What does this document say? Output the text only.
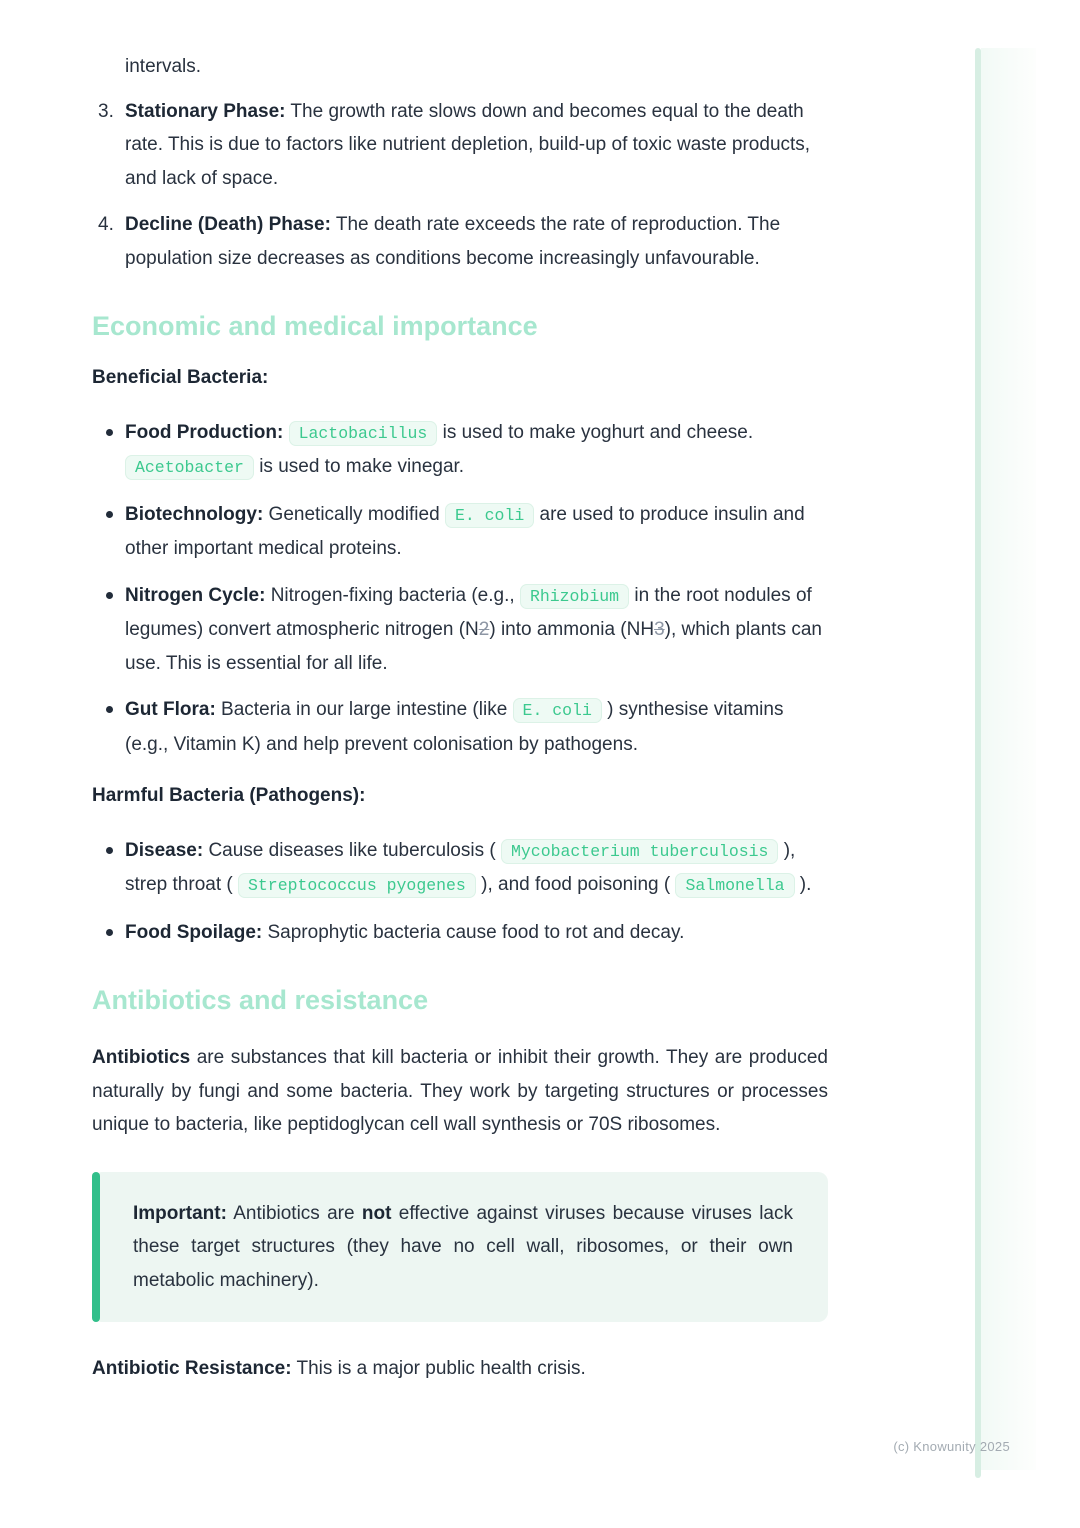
intervals.

3. Stationary Phase: The growth rate slows down and becomes equal to the death rate. This is due to factors like nutrient depletion, build-up of toxic waste products, and lack of space.
4. Decline (Death) Phase: The death rate exceeds the rate of reproduction. The population size decreases as conditions become increasingly unfavourable.
Economic and medical importance

Beneficial Bacteria:

Food Production: Lactobacillus is used to make yoghurt and cheese. Acetobacter is used to make vinegar.
Biotechnology: Genetically modified E. coli are used to produce insulin and other important medical proteins.
Nitrogen Cycle: Nitrogen-fixing bacteria (e.g., Rhizobium in the root nodules of legumes) convert atmospheric nitrogen (N2) into ammonia (NH3), which plants can use. This is essential for all life.
Gut Flora: Bacteria in our large intestine (like E. coli ) synthesise vitamins (e.g., Vitamin K) and help prevent colonisation by pathogens.

Harmful Bacteria (Pathogens):

Disease: Cause diseases like tuberculosis ( Mycobacterium tuberculosis ), strep throat ( Streptococcus pyogenes ), and food poisoning ( Salmonella ).
Food Spoilage: Saprophytic bacteria cause food to rot and decay.
Antibiotics and resistance

Antibiotics are substances that kill bacteria or inhibit their growth. They are produced naturally by fungi and some bacteria. They work by targeting structures or processes unique to bacteria, like peptidoglycan cell wall synthesis or 70S ribosomes.

Important: Antibiotics are not effective against viruses because viruses lack these target structures (they have no cell wall, ribosomes, or their own metabolic machinery).

Antibiotic Resistance: This is a major public health crisis.

(c) Knowunity 2025
